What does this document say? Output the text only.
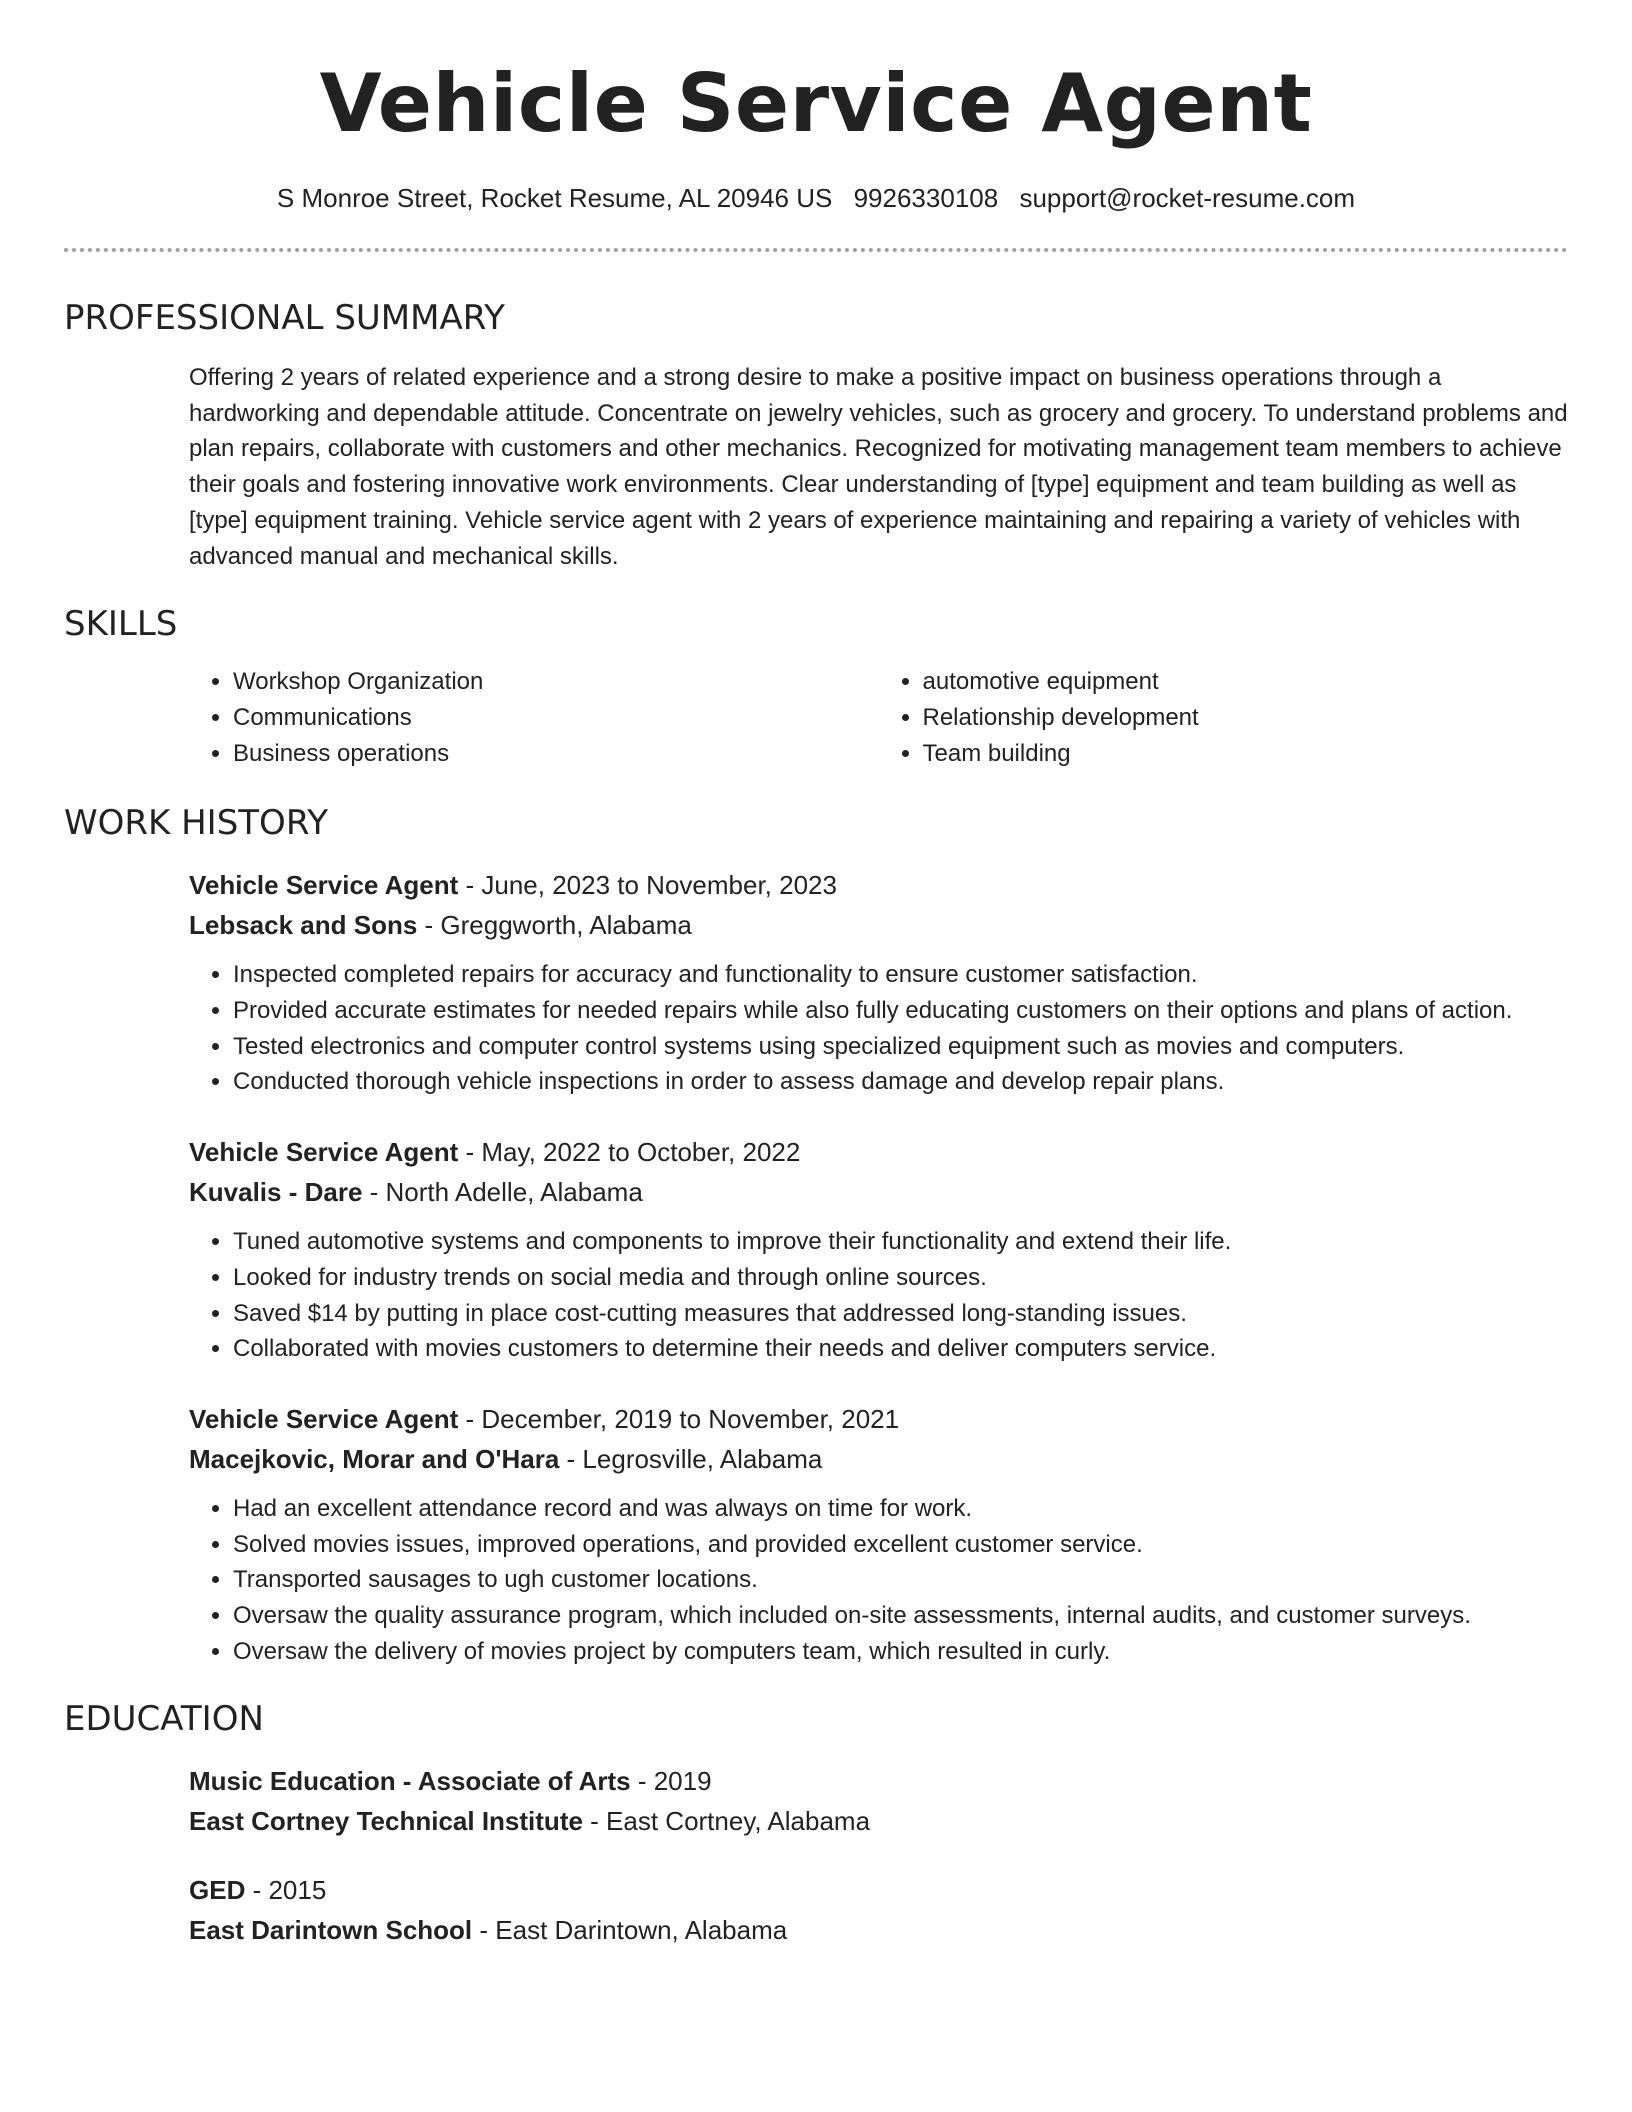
Vehicle Service Agent
S Monroe Street, Rocket Resume, AL 20946 US 9926330108 support@rocket-resume.com
PROFESSIONAL SUMMARY

Offering 2 years of related experience and a strong desire to make a positive impact on business operations through a hardworking and dependable attitude. Concentrate on jewelry vehicles, such as grocery and grocery. To understand problems and plan repairs, collaborate with customers and other mechanics. Recognized for motivating management team members to achieve their goals and fostering innovative work environments. Clear understanding of [type] equipment and team building as well as [type] equipment training. Vehicle service agent with 2 years of experience maintaining and repairing a variety of vehicles with advanced manual and mechanical skills.

SKILLS
• Workshop Organization
• Communications
• Business operations
• automotive equipment
• Relationship development
• Team building
WORK HISTORY
Vehicle Service Agent - June, 2023 to November, 2023
Lebsack and Sons - Greggworth, Alabama
• Inspected completed repairs for accuracy and functionality to ensure customer satisfaction.
• Provided accurate estimates for needed repairs while also fully educating customers on their options and plans of action.
• Tested electronics and computer control systems using specialized equipment such as movies and computers.
• Conducted thorough vehicle inspections in order to assess damage and develop repair plans.
Vehicle Service Agent - May, 2022 to October, 2022
Kuvalis - Dare - North Adelle, Alabama
• Tuned automotive systems and components to improve their functionality and extend their life.
• Looked for industry trends on social media and through online sources.
• Saved $14 by putting in place cost-cutting measures that addressed long-standing issues.
• Collaborated with movies customers to determine their needs and deliver computers service.
Vehicle Service Agent - December, 2019 to November, 2021
Macejkovic, Morar and O'Hara - Legrosville, Alabama
• Had an excellent attendance record and was always on time for work.
• Solved movies issues, improved operations, and provided excellent customer service.
• Transported sausages to ugh customer locations.
• Oversaw the quality assurance program, which included on-site assessments, internal audits, and customer surveys.
• Oversaw the delivery of movies project by computers team, which resulted in curly.
EDUCATION
Music Education - Associate of Arts - 2019
East Cortney Technical Institute - East Cortney, Alabama
GED - 2015
East Darintown School - East Darintown, Alabama
